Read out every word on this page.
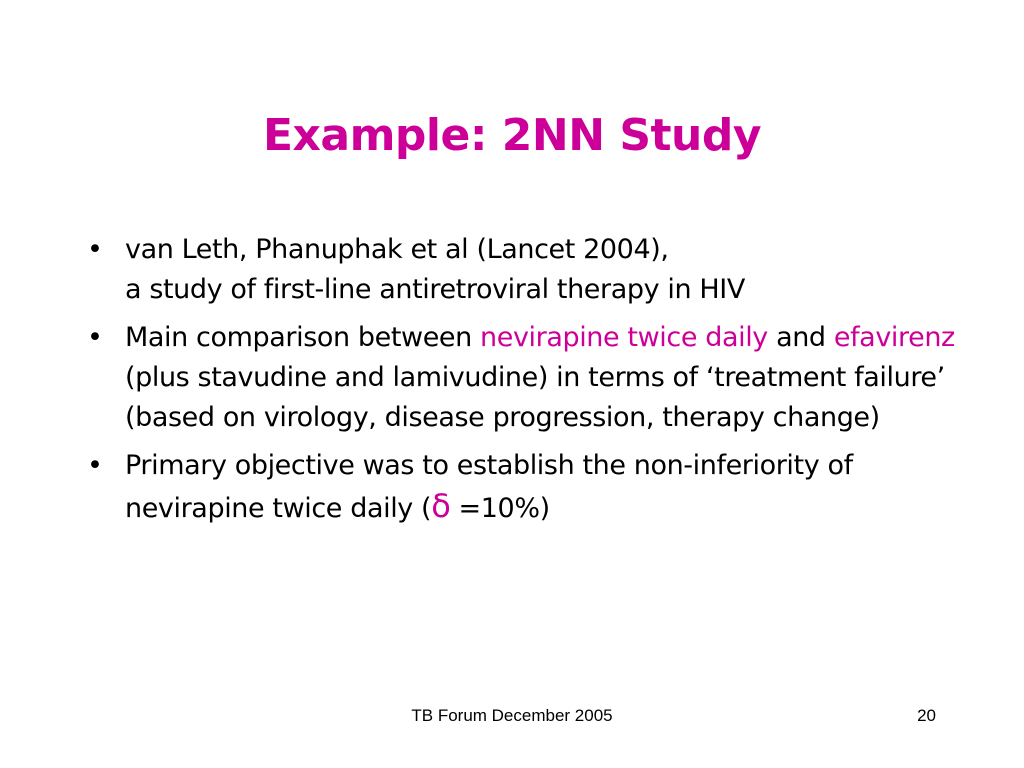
Example: 2NN Study
• van Leth, Phanuphak et al (Lancet 2004),
a study of first-line antiretroviral therapy in HIV
• Main comparison between nevirapine twice daily and efavirenz (plus stavudine and lamivudine) in terms of ‘treatment failure’ (based on virology, disease progression, therapy change)
• Primary objective was to establish the non-inferiority of nevirapine twice daily (δ =10%)
TB Forum December 2005	20
